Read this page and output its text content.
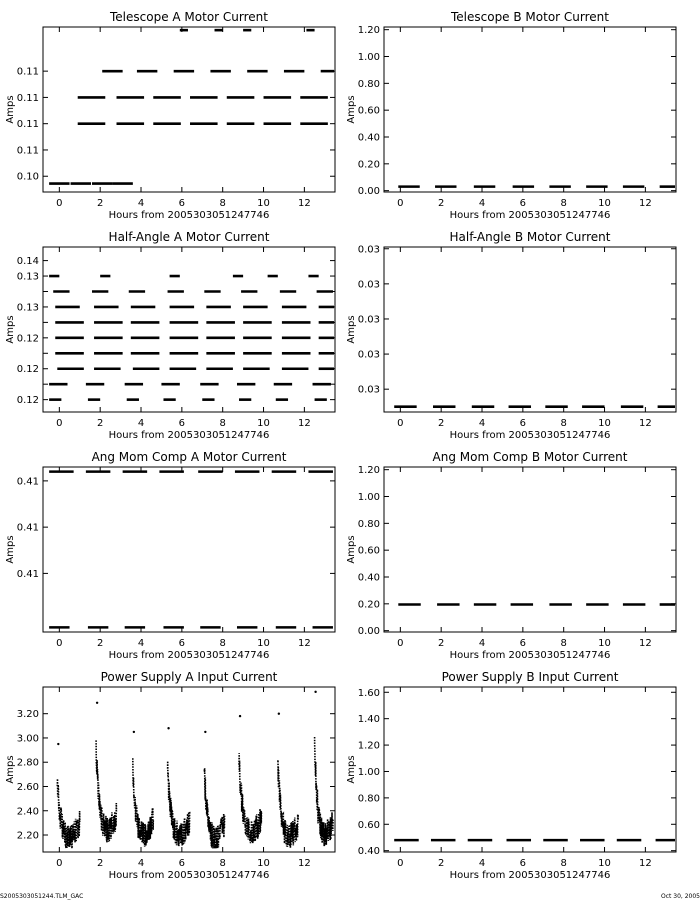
Telescope A Motor Current
0	2	4	6	8	10	12
0.10
0.11
0.11
0.11
0.11
Hours from 2005303051247746
Amps
Telescope B Motor Current
0	2	4	6	8	10	12
0.00
0.20
0.40
0.60
0.80
1.00
1.20
Hours from 2005303051247746
Amps
Half-Angle A Motor Current
0	2	4	6	8	10	12
0.12
0.12
0.12
0.13
0.13
0.14
Hours from 2005303051247746
Amps
Half-Angle B Motor Current
0	2	4	6	8	10	12
0.03
0.03
0.03
0.03
0.03
Hours from 2005303051247746
Amps
Ang Mom Comp A Motor Current
0	2	4	6	8	10	12
0.41
0.41
0.41
Hours from 2005303051247746
Amps
Ang Mom Comp B Motor Current
0	2	4	6	8	10	12
0.00
0.20
0.40
0.60
0.80
1.00
1.20
Hours from 2005303051247746
Amps
Power Supply A Input Current
0	2	4	6	8	10	12
2.20
2.40
2.60
2.80
3.00
3.20
Hours from 2005303051247746
Amps
Power Supply B Input Current
0	2	4	6	8	10	12
0.40
0.60
0.80
1.00
1.20
1.40
1.60
Hours from 2005303051247746
Amps
S2005303051244.TLM_GAC	Oct 30, 2005
